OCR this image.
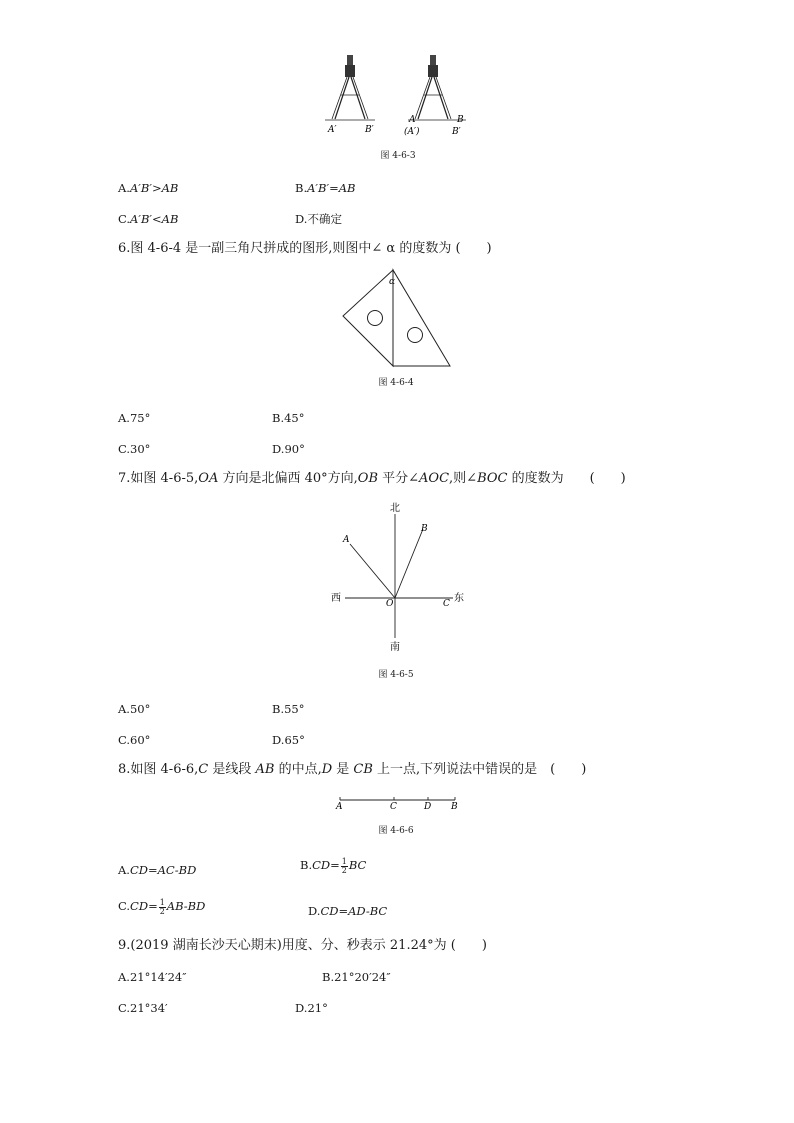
A′	B′
A	B
(A′)	B′
图 4-6-3
A.A′B′>AB	B.A′B′=AB
C.A′B′<AB	D.不确定
6.图 4-6-4 是一副三角尺拼成的图形,则图中∠ α 的度数为 (　　)
α
图 4-6-4
A.75°	B.45°
C.30°	D.90°
7.如图 4-6-5,OA 方向是北偏西 40°方向,OB 平分∠AOC,则∠BOC 的度数为　　(　　)
北
南
西	东
A
B
O	C
图 4-6-5
A.50°	B.55°
C.60°	D.65°
8.如图 4-6-6,C 是线段 AB 的中点,D 是 CB 上一点,下列说法中错误的是　(　　)
A	C	D B
图 4-6-6
A.CD=AC-BD	$B.CD= \frac{1}{2}$ BC
$C.CD= \frac{1}{2} AB-BD$	D.CD=AD-BC
9.(2019 湖南长沙天心期末)用度、分、秒表示 21.24°为 (　　)
A.21°14′24″	B.21°20′24″
C.21°34′	D.21°
